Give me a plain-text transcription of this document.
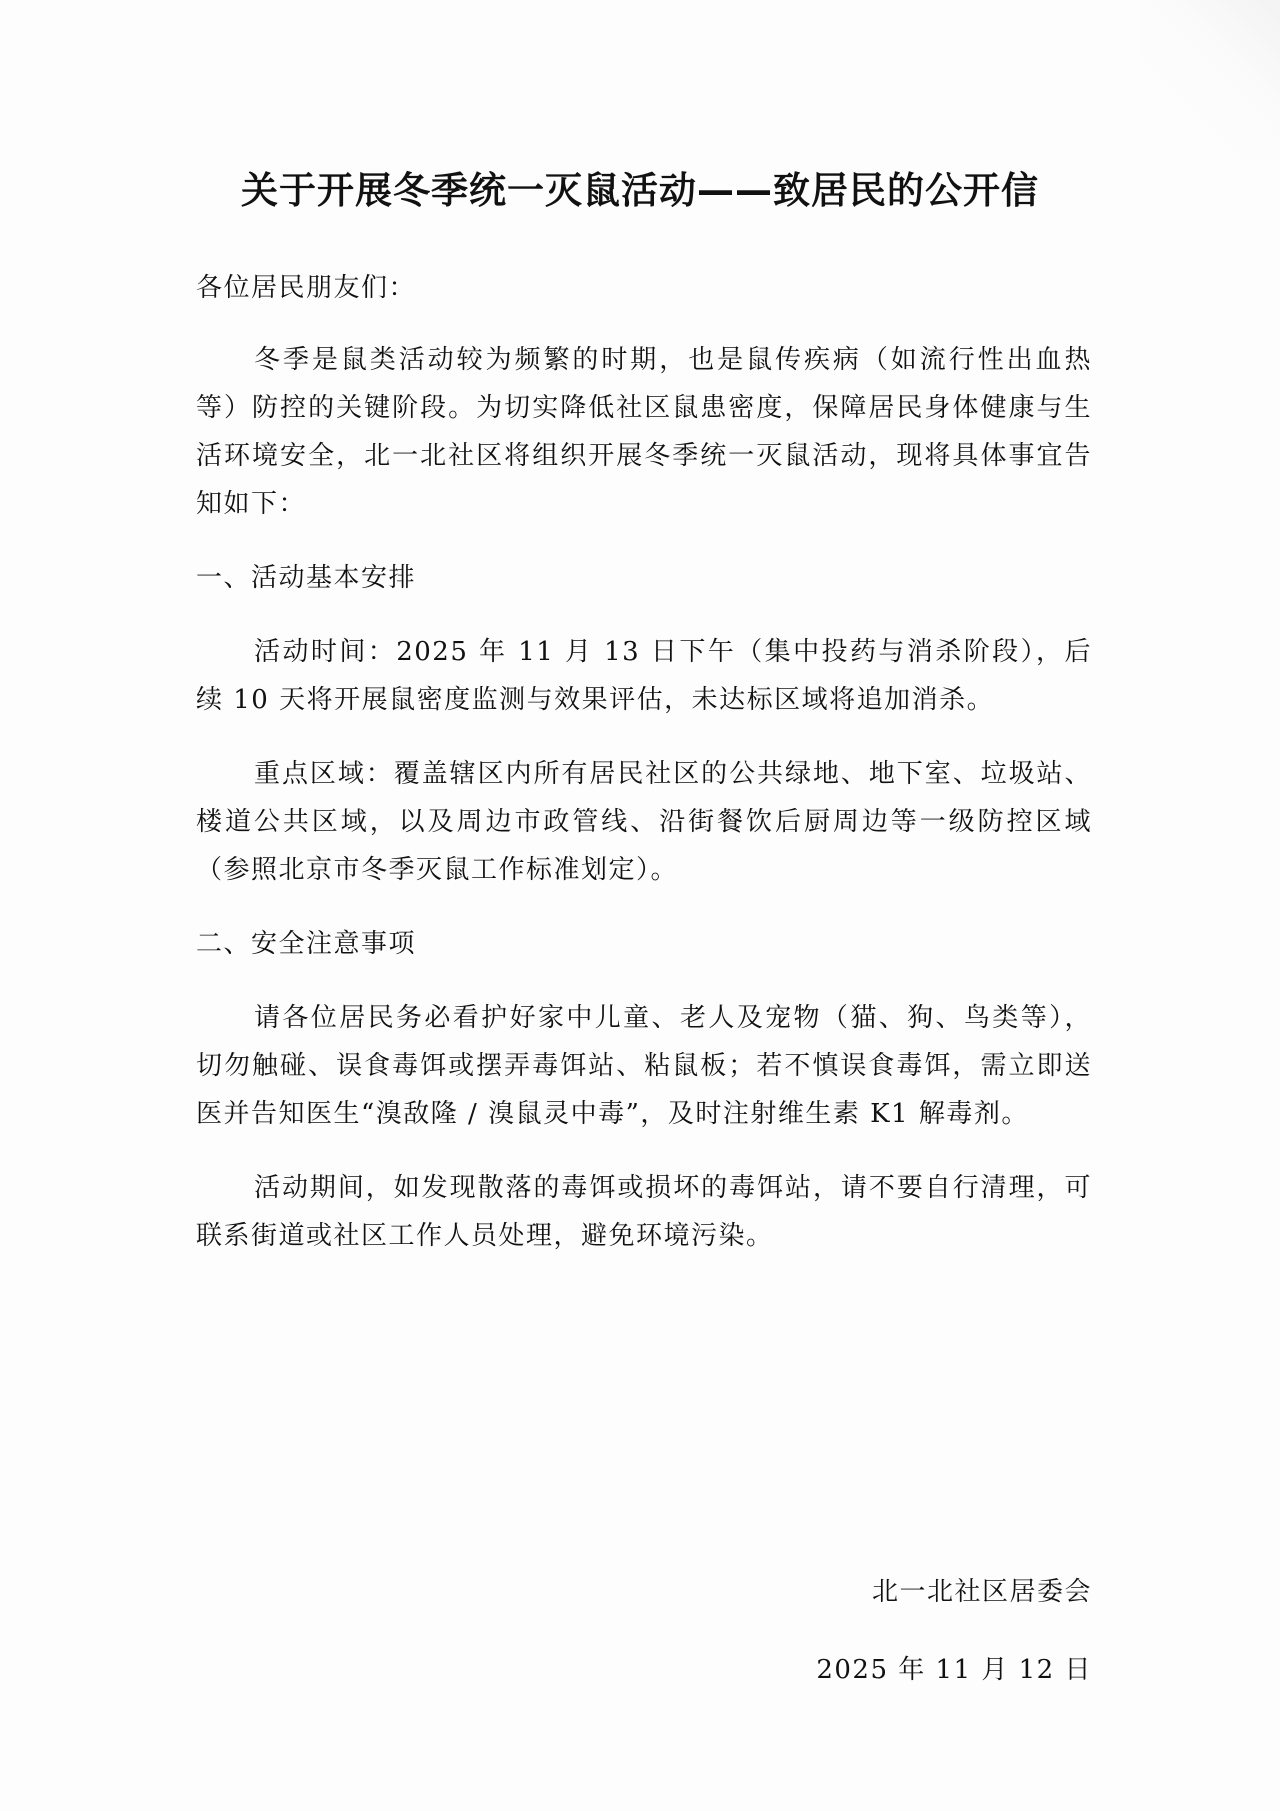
关于开展冬季统一灭鼠活动——致居民的公开信

各位居民朋友们：

冬季是鼠类活动较为频繁的时期，也是鼠传疾病（如流行性出血热等）防控的关键阶段。为切实降低社区鼠患密度，保障居民身体健康与生活环境安全，北一北社区将组织开展冬季统一灭鼠活动，现将具体事宜告知如下：

一、活动基本安排

活动时间：2025 年 11 月 13 日下午（集中投药与消杀阶段），后续 10 天将开展鼠密度监测与效果评估，未达标区域将追加消杀。

重点区域：覆盖辖区内所有居民社区的公共绿地、地下室、垃圾站、楼道公共区域，以及周边市政管线、沿街餐饮后厨周边等一级防控区域（参照北京市冬季灭鼠工作标准划定）。

二、安全注意事项

请各位居民务必看护好家中儿童、老人及宠物（猫、狗、鸟类等），切勿触碰、误食毒饵或摆弄毒饵站、粘鼠板；若不慎误食毒饵，需立即送医并告知医生“溴敌隆 / 溴鼠灵中毒”，及时注射维生素 K1 解毒剂。

活动期间，如发现散落的毒饵或损坏的毒饵站，请不要自行清理，可联系街道或社区工作人员处理，避免环境污染。

北一北社区居委会
2025 年 11 月 12 日
